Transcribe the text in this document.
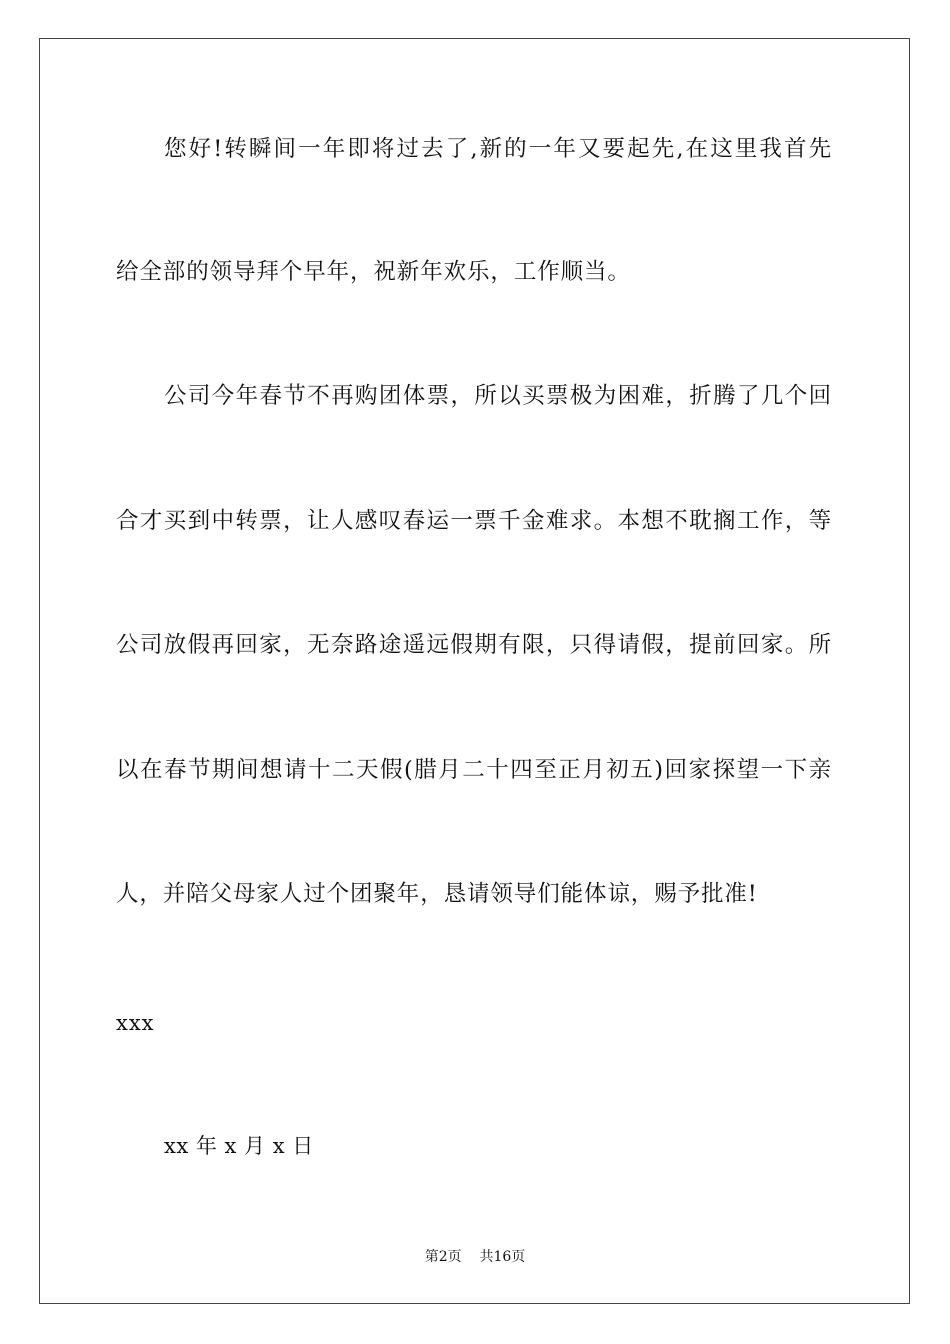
您好!转瞬间一年即将过去了,新的一年又要起先,在这里我首先
给全部的领导拜个早年，祝新年欢乐，工作顺当。
公司今年春节不再购团体票，所以买票极为困难，折腾了几个回
合才买到中转票，让人感叹春运一票千金难求。本想不耽搁工作，等
公司放假再回家，无奈路途遥远假期有限，只得请假，提前回家。所
以在春节期间想请十二天假(腊月二十四至正月初五)回家探望一下亲
人，并陪父母家人过个团聚年，恳请领导们能体谅，赐予批准!
xxx
xx 年 x 月 x 日
第2页    共16页
